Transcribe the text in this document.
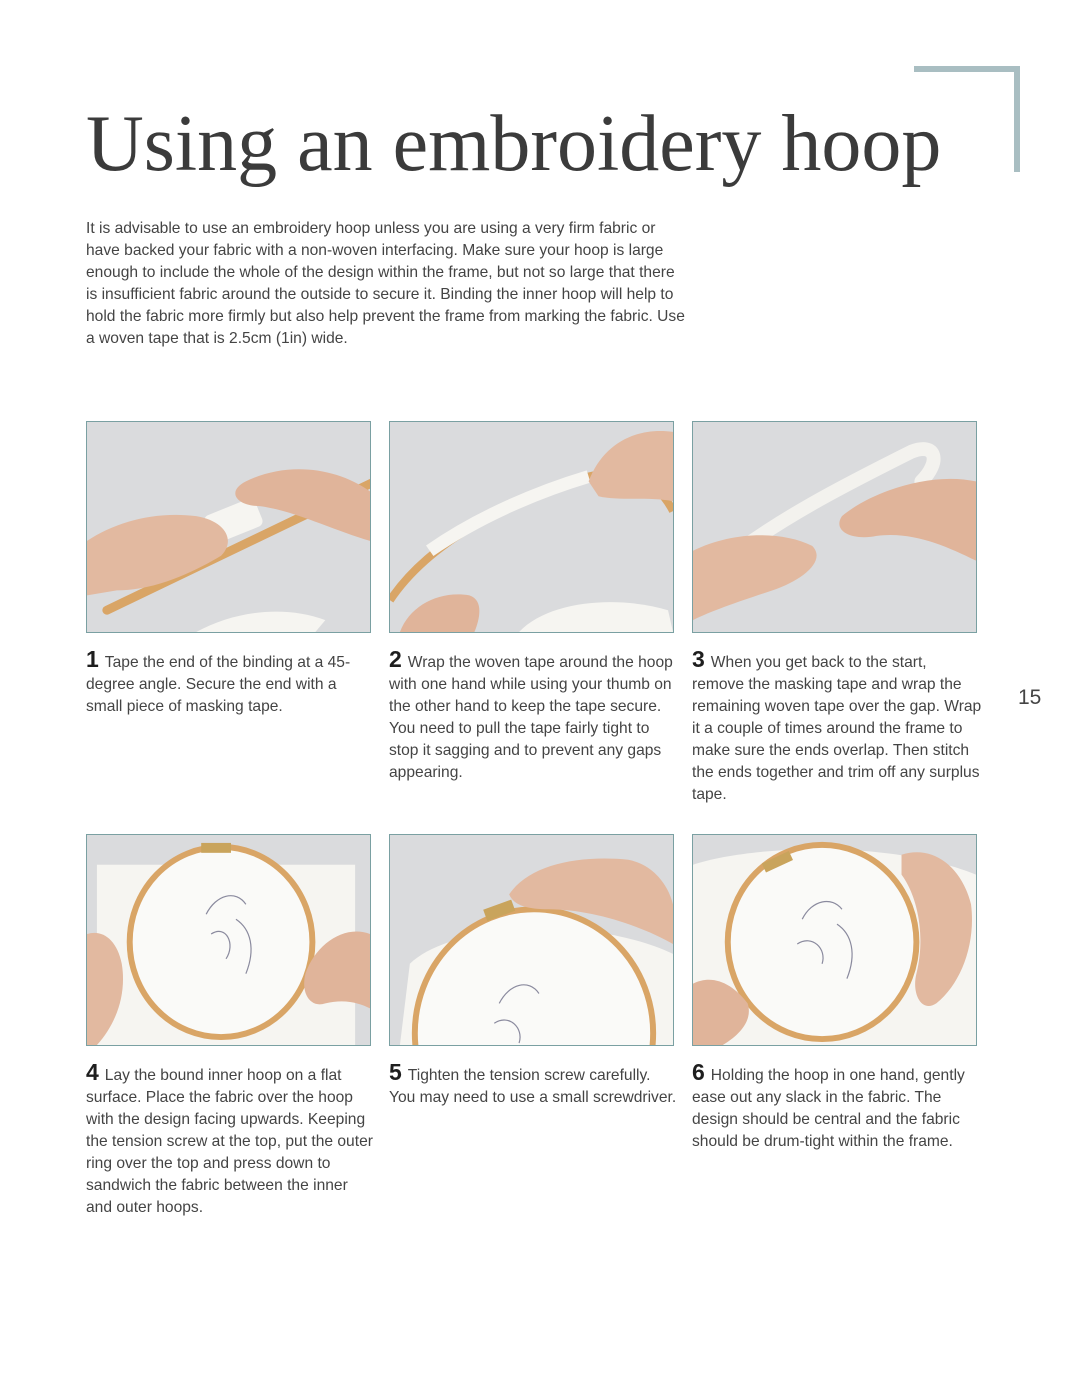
Using an embroidery hoop

It is advisable to use an embroidery hoop unless you are using a very firm fabric or have backed your fabric with a non-woven interfacing. Make sure your hoop is large enough to include the whole of the design within the frame, but not so large that there is insufficient fabric around the outside to secure it. Binding the inner hoop will help to hold the fabric more firmly but also help prevent the frame from marking the fabric. Use a woven tape that is 2.5cm (1in) wide.

15

1 Tape the end of the binding at a 45-degree angle. Secure the end with a small piece of masking tape.

2 Wrap the woven tape around the hoop with one hand while using your thumb on the other hand to keep the tape secure. You need to pull the tape fairly tight to stop it sagging and to prevent any gaps appearing.

3 When you get back to the start, remove the masking tape and wrap the remaining woven tape over the gap. Wrap it a couple of times around the frame to make sure the ends overlap. Then stitch the ends together and trim off any surplus tape.

4 Lay the bound inner hoop on a flat surface. Place the fabric over the hoop with the design facing upwards. Keeping the tension screw at the top, put the outer ring over the top and press down to sandwich the fabric between the inner and outer hoops.

5 Tighten the tension screw carefully. You may need to use a small screwdriver.

6 Holding the hoop in one hand, gently ease out any slack in the fabric. The design should be central and the fabric should be drum-tight within the frame.
